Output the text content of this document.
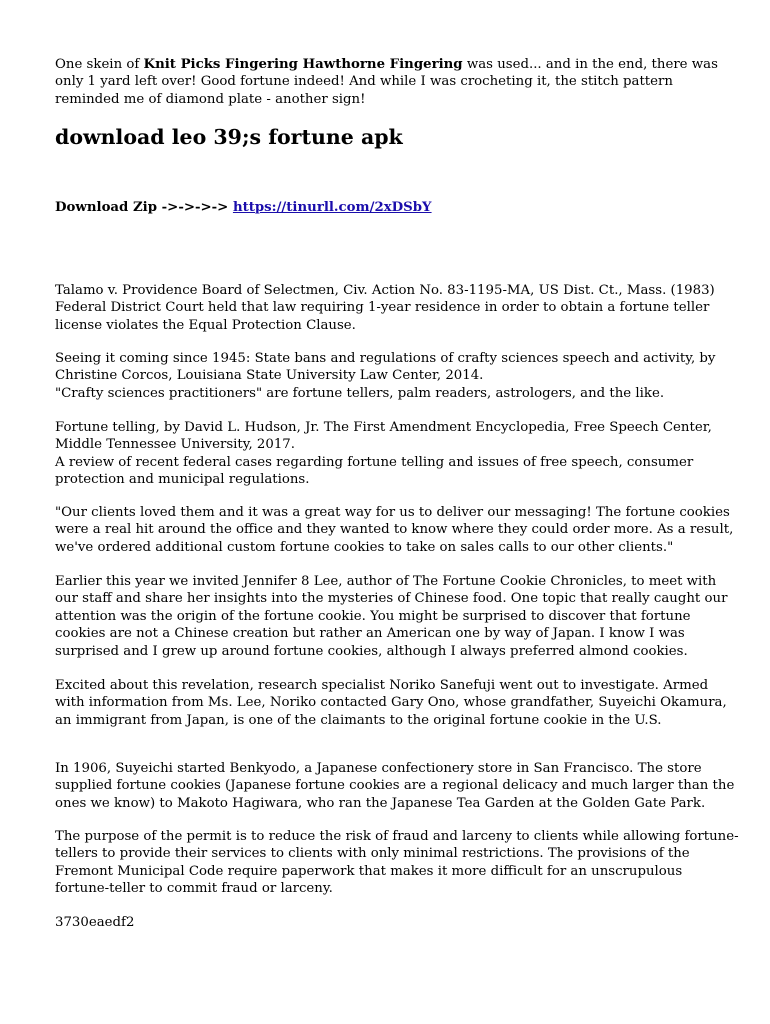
One skein of Knit Picks Fingering Hawthorne Fingering was used... and in the end, there was
only 1 yard left over! Good fortune indeed! And while I was crocheting it, the stitch pattern
reminded me of diamond plate - another sign!

download leo 39;s fortune apk
Download Zip ->->->-> https://tinurll.com/2xDSbY

Talamo v. Providence Board of Selectmen, Civ. Action No. 83-1195-MA, US Dist. Ct., Mass. (1983)
Federal District Court held that law requiring 1-year residence in order to obtain a fortune teller
license violates the Equal Protection Clause.

Seeing it coming since 1945: State bans and regulations of crafty sciences speech and activity, by
Christine Corcos, Louisiana State University Law Center, 2014.
"Crafty sciences practitioners" are fortune tellers, palm readers, astrologers, and the like.

Fortune telling, by David L. Hudson, Jr. The First Amendment Encyclopedia, Free Speech Center,
Middle Tennessee University, 2017.
A review of recent federal cases regarding fortune telling and issues of free speech, consumer
protection and municipal regulations.

"Our clients loved them and it was a great way for us to deliver our messaging! The fortune cookies
were a real hit around the office and they wanted to know where they could order more. As a result,
we've ordered additional custom fortune cookies to take on sales calls to our other clients."

Earlier this year we invited Jennifer 8 Lee, author of The Fortune Cookie Chronicles, to meet with
our staff and share her insights into the mysteries of Chinese food. One topic that really caught our
attention was the origin of the fortune cookie. You might be surprised to discover that fortune
cookies are not a Chinese creation but rather an American one by way of Japan. I know I was
surprised and I grew up around fortune cookies, although I always preferred almond cookies.

Excited about this revelation, research specialist Noriko Sanefuji went out to investigate. Armed
with information from Ms. Lee, Noriko contacted Gary Ono, whose grandfather, Suyeichi Okamura,
an immigrant from Japan, is one of the claimants to the original fortune cookie in the U.S.

In 1906, Suyeichi started Benkyodo, a Japanese confectionery store in San Francisco. The store
supplied fortune cookies (Japanese fortune cookies are a regional delicacy and much larger than the
ones we know) to Makoto Hagiwara, who ran the Japanese Tea Garden at the Golden Gate Park.

The purpose of the permit is to reduce the risk of fraud and larceny to clients while allowing fortune-
tellers to provide their services to clients with only minimal restrictions. The provisions of the
Fremont Municipal Code require paperwork that makes it more difficult for an unscrupulous
fortune-teller to commit fraud or larceny.

3730eaedf2
